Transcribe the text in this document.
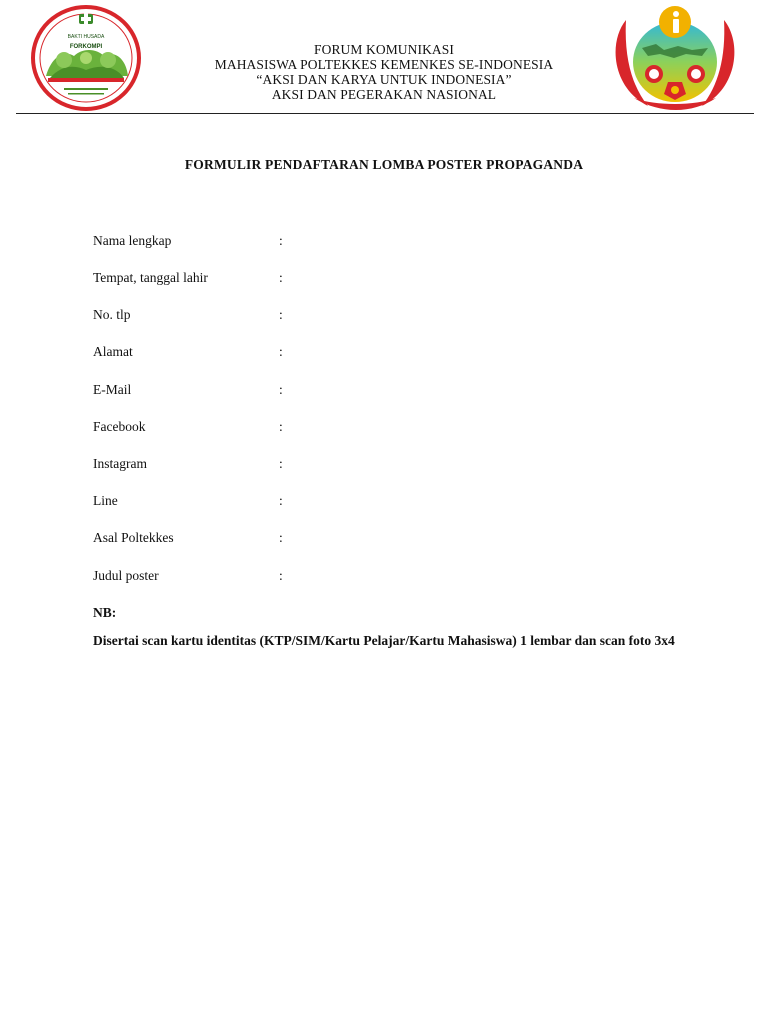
BAKTI HUSADA
FORKOMPI	FORUM KOMUNIKASI
MAHASISWA POLTEKKES KEMENKES SE-INDONESIA
“AKSI DAN KARYA UNTUK INDONESIA”
AKSI DAN PEGERAKAN NASIONAL
FORMULIR PENDAFTARAN LOMBA POSTER PROPAGANDA
Nama lengkap	:
Tempat, tanggal lahir	:
No. tlp	:
Alamat	:
E-Mail	:
Facebook	:
Instagram	:
Line	:
Asal Poltekkes	:
Judul poster	:
NB:
Disertai scan kartu identitas (KTP/SIM/Kartu Pelajar/Kartu Mahasiswa) 1 lembar dan scan foto 3x4
